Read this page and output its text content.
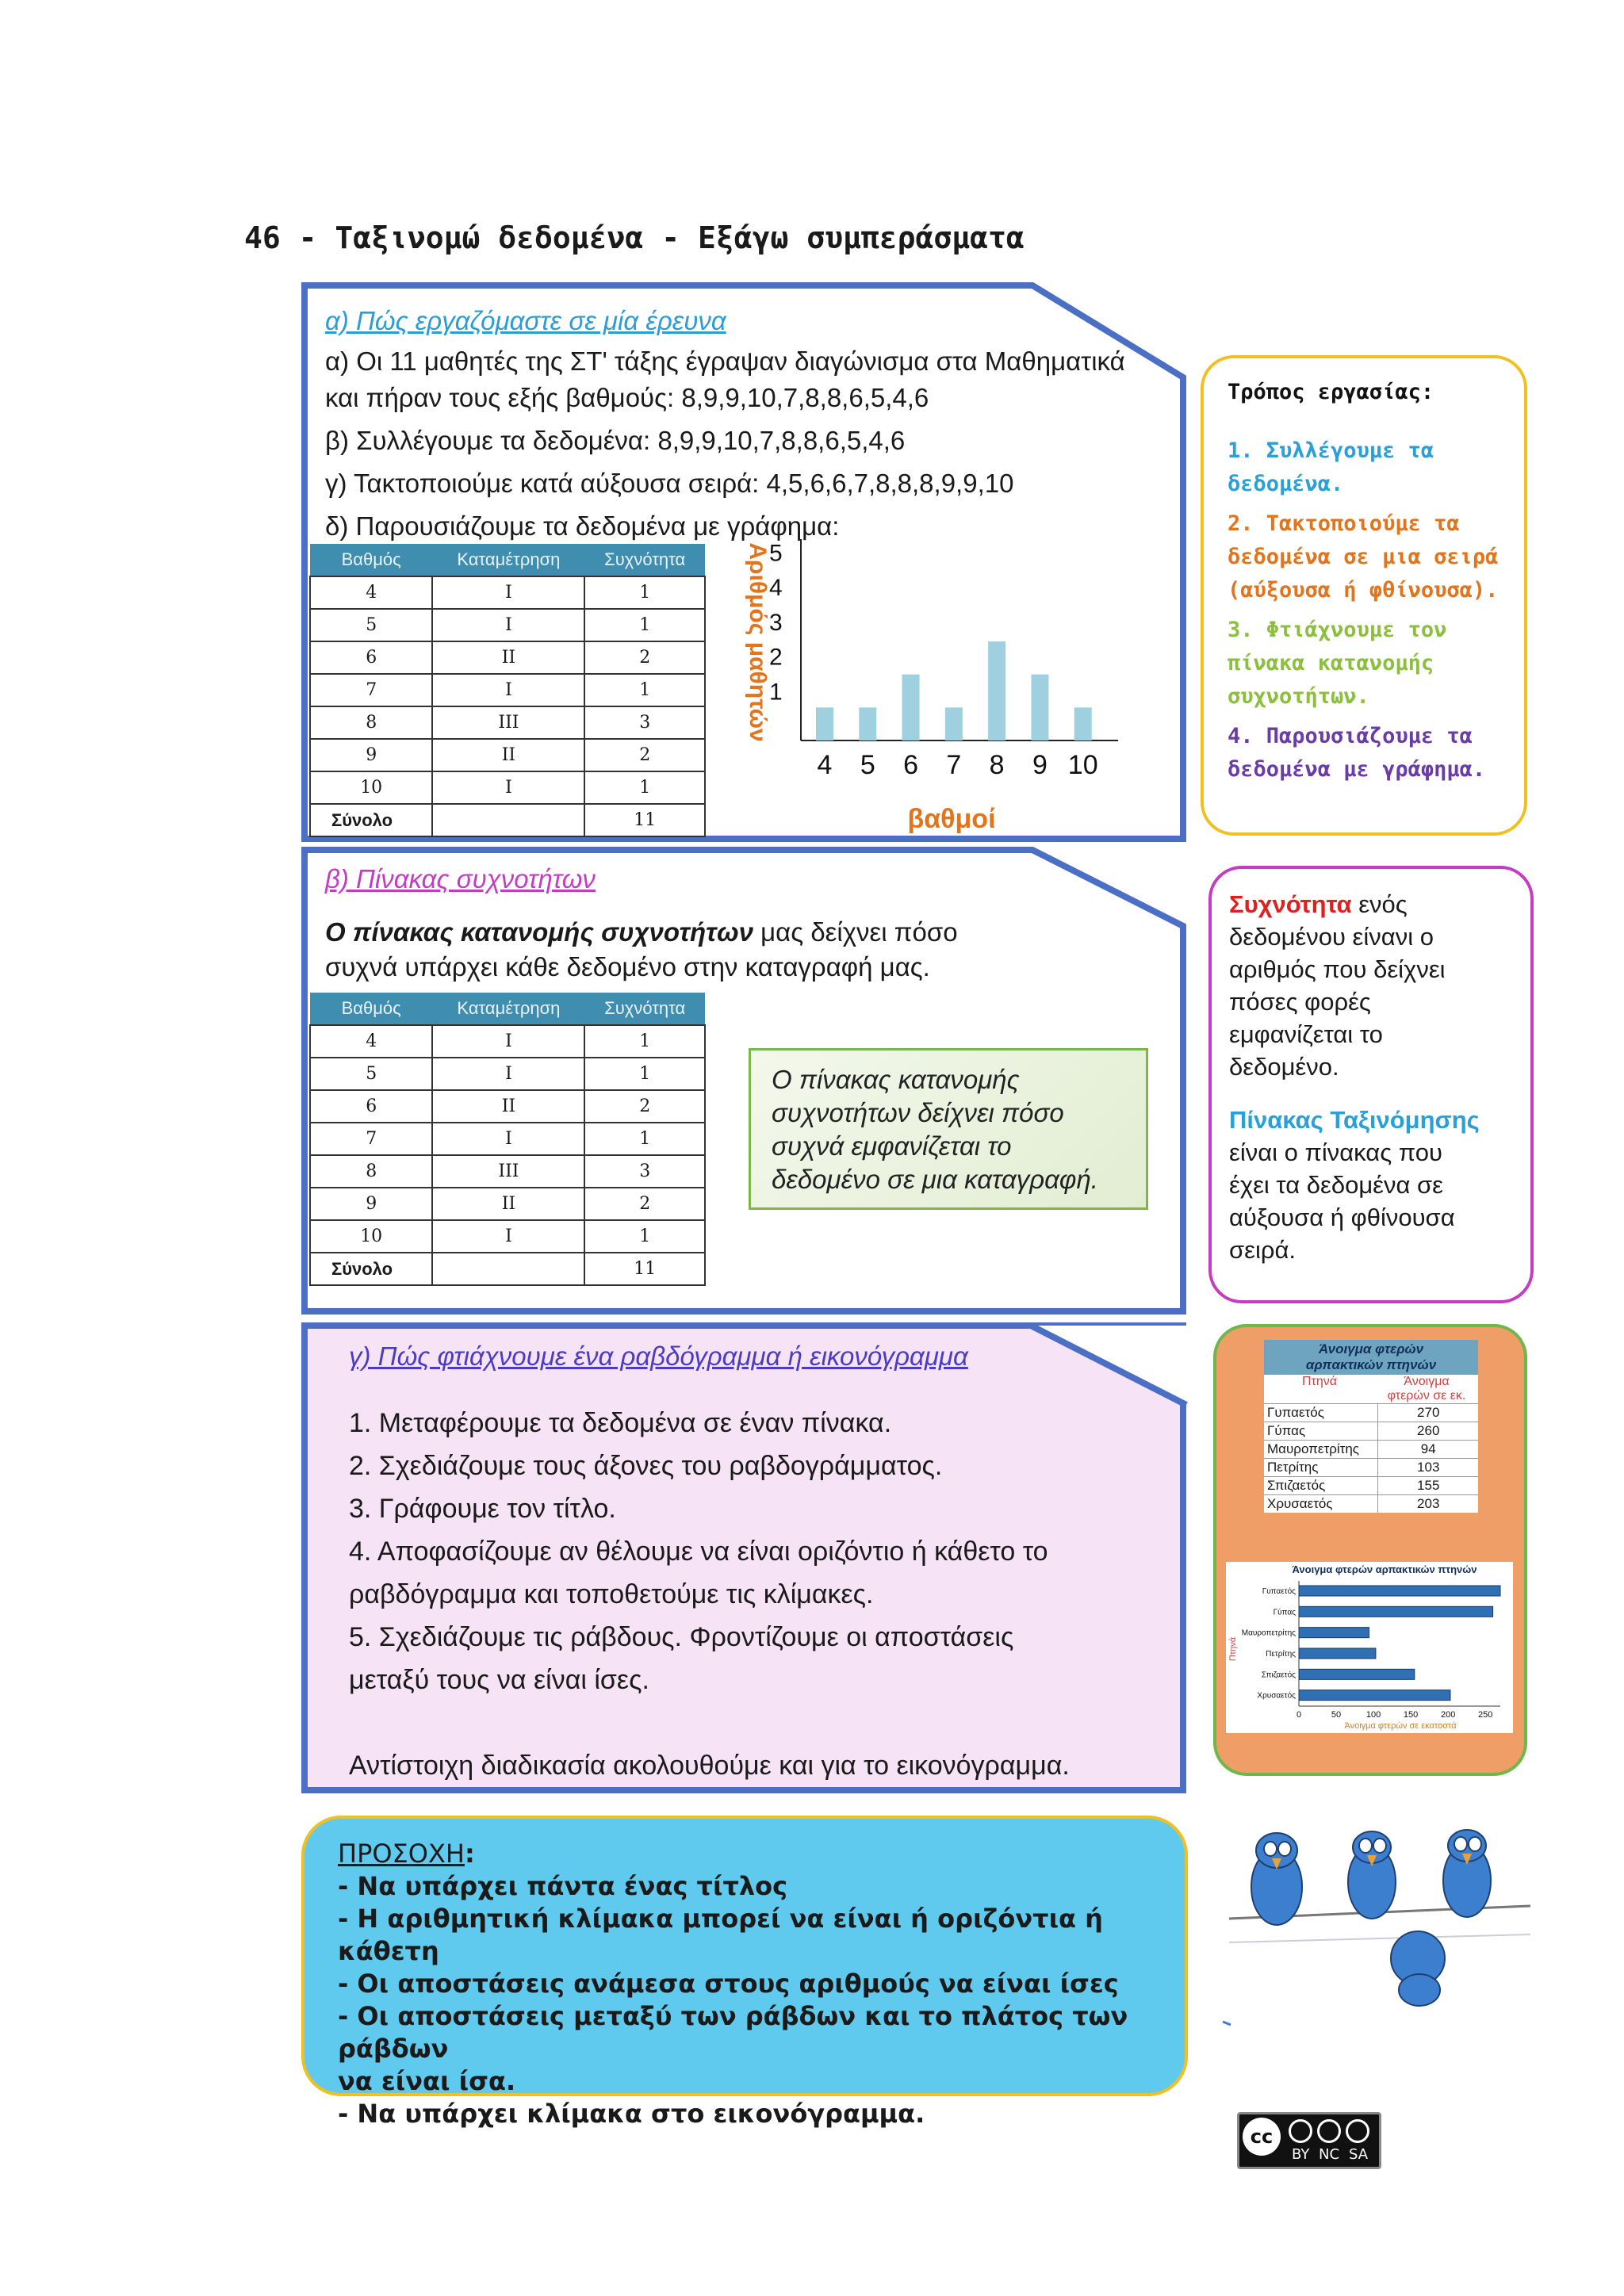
46 - Ταξινομώ δεδομένα - Εξάγω συμπεράσματα
α) Πώς εργαζόμαστε σε μία έρευνα
α) Οι 11 μαθητές της ΣΤ' τάξης έγραψαν διαγώνισμα στα Μαθηματικά
και πήραν τους εξής βαθμούς: 8,9,9,10,7,8,8,6,5,4,6
β) Συλλέγουμε τα δεδομένα: 8,9,9,10,7,8,8,6,5,4,6
γ) Τακτοποιούμε κατά αύξουσα σειρά: 4,5,6,6,7,8,8,8,9,9,10
δ) Παρουσιάζουμε τα δεδομένα με γράφημα:
Βαθμός	Καταμέτρηση	Συχνότητα
4	I	1
5	I	1
6	II	2
7	I	1
8	III	3
9	II	2
10	I	1
Σύνολο		11
1
2
3
4
5
4 5 6 7 8 9 10
βαθμοί
Αριθμός μαθητών
β) Πίνακας συχνοτήτων
Ο πίνακας κατανομής συχνοτήτων μας δείχνει πόσο
συχνά υπάρχει κάθε δεδομένο στην καταγραφή μας.
Βαθμός	Καταμέτρηση	Συχνότητα
4	I	1
5	I	1
6	II	2
7	I	1
8	III	3
9	II	2
10	I	1
Σύνολο		11
Ο πίνακας κατανομής συχνοτήτων δείχνει πόσο συχνά εμφανίζεται το δεδομένο σε μια καταγραφή.
γ) Πώς φτιάχνουμε ένα ραβδόγραμμα ή εικονόγραμμα
1. Μεταφέρουμε τα δεδομένα σε έναν πίνακα.
2. Σχεδιάζουμε τους άξονες του ραβδογράμματος.
3. Γράφουμε τον τίτλο.
4. Αποφασίζουμε αν θέλουμε να είναι οριζόντιο ή κάθετο το
ραβδόγραμμα και τοποθετούμε τις κλίμακες.
5. Σχεδιάζουμε τις ράβδους. Φροντίζουμε οι αποστάσεις
μεταξύ τους να είναι ίσες.
Αντίστοιχη διαδικασία ακολουθούμε και για το εικονόγραμμα.
ΠΡΟΣΟΧΗ:
- Να υπάρχει πάντα ένας τίτλος
- Η αριθμητική κλίμακα μπορεί να είναι ή οριζόντια ή κάθετη
- Οι αποστάσεις ανάμεσα στους αριθμούς να είναι ίσες
- Οι αποστάσεις μεταξύ των ράβδων και το πλάτος των ράβδων
να είναι ίσα.
- Να υπάρχει κλίμακα στο εικονόγραμμα.
Τρόπος εργασίας:
1. Συλλέγουμε τα δεδομένα.
2. Τακτοποιούμε τα δεδομένα σε μια σειρά (αύξουσα ή φθίνουσα).
3. Φτιάχνουμε τον πίνακα κατανομής συχνοτήτων.
4. Παρουσιάζουμε τα δεδομένα με γράφημα.
Συχνότητα ενός
δεδομένου είνανι ο
αριθμός που δείχνει
πόσες φορές
εμφανίζεται το
δεδομένο.
Πίνακας Ταξινόμησης
είναι ο πίνακας που
έχει τα δεδομένα σε
αύξουσα ή φθίνουσα
σειρά.
Άνοιγμα φτερών
αρπακτικών πτηνών
Πτηνά	Άνοιγμα
φτερών σε εκ.
Γυπαετός	270
Γύπας	260
Μαυροπετρίτης	94
Πετρίτης	103
Σπιζαετός	155
Χρυσαετός	203
Άνοιγμα φτερών αρπακτικών πτηνών
Γυπαετός
Γύπας
Μαυροπετρίτης
Πετρίτης
Σπιζαετός
Χρυσαετός
0	50	100	150	200	250
Άνοιγμα φτερών σε εκατοστά
Πτηνά
cc
BY NC SA
